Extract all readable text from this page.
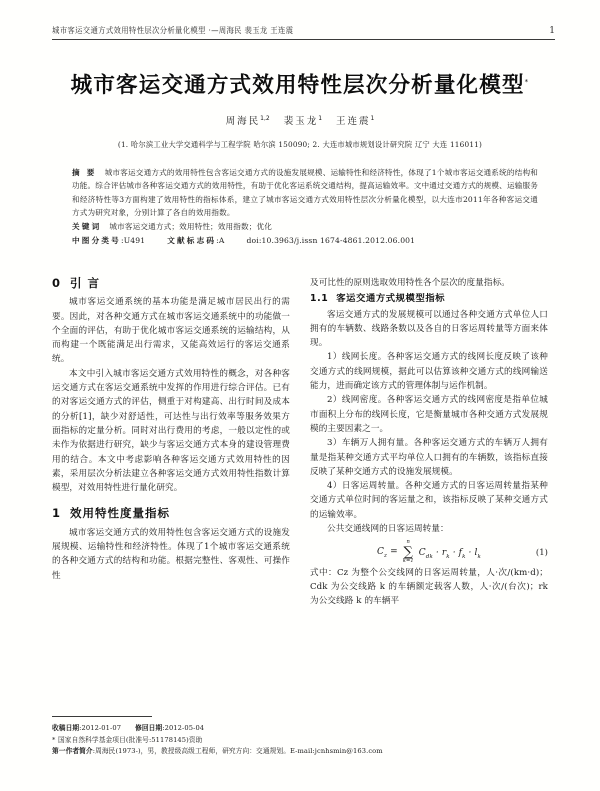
城市客运交通方式效用特性层次分析量化模型 ·—周海民 裴玉龙 王连震	1
城市客运交通方式效用特性层次分析量化模型*
周海民$^{1,2}$ 裴玉龙$^1$ 王连震$^1$
(1. 哈尔滨工业大学交通科学与工程学院 哈尔滨 150090; 2. 大连市城市规划设计研究院 辽宁 大连 116011)
摘 要 城市客运交通方式的效用特性包含客运交通方式的设施发展规模、运输特性和经济特性，体现了1个城市客运交通系统的结构和功能。综合评估城市各种客运交通方式的效用特性，有助于优化客运系统交通结构，提高运输效率。文中通过交通方式的规模、运输服务和经济特性等3方面构建了效用特性的指标体系，建立了城市客运交通方式效用特性层次分析量化模型，以大连市2011年各种客运交通方式为研究对象，分别计算了各自的效用指数。
关键词 城市客运交通方式；效用特性；效用指数；优化
中图分类号:U491	文献标志码:A	doi:10.3963/j.issn 1674-4861.2012.06.001
0 引 言

城市客运交通系统的基本功能是满足城市居民出行的需要。因此，对各种交通方式在城市客运交通系统中的功能做一个全面的评估，有助于优化城市客运交通系统的运输结构，从而构建一个既能满足出行需求，又能高效运行的客运交通系统。

本文中引入城市客运交通方式效用特性的概念，对各种客运交通方式在客运交通系统中发挥的作用进行综合评估。已有的对客运交通方式的评估，侧重于对构建高、出行时间及成本的分析[1]，缺少对舒适性，可达性与出行效率等服务效果方面指标的定量分析。同时对出行费用的考虑，一般以定性的或未作为依据进行研究，缺少与客运交通方式本身的建设管理费用的结合。本文中考虑影响各种客运交通方式效用特性的因素，采用层次分析法建立各种客运交通方式效用特性指数计算模型，对效用特性进行量化研究。

1 效用特性度量指标

城市客运交通方式的效用特性包含客运交通方式的设施发展规模、运输特性和经济特性。体现了1个城市客运交通系统的各种交通方式的结构和功能。根据完整性、客观性、可操作性

及可比性的原则选取效用特性各个层次的度量指标。

1.1 客运交通方式规模型指标

客运交通方式的发展规模可以通过各种交通方式单位人口拥有的车辆数、线路条数以及各自的日客运周转量等方面来体现。

1）线网长度。各种客运交通方式的线网长度反映了该种交通方式的线网规模，据此可以估算该种交通方式的线网输送能力，进而确定该方式的管理体制与运作机制。

2）线网密度。各种客运交通方式的线网密度是指单位城市面积上分布的线网长度，它是衡量城市各种交通方式发展规模的主要因素之一。

3）车辆万人拥有量。各种客运交通方式的车辆万人拥有量是指某种交通方式平均单位人口拥有的车辆数，该指标直接反映了某种交通方式的设施发展规模。

4）日客运周转量。各种交通方式的日客运周转量指某种交通方式单位时间的客运量之和，该指标反映了某种交通方式的运输效率。

公共交通线网的日客运周转量：

$C_z$ =
n
∑
k=1
$C_{dk} \cdot r_k \cdot f_k \cdot l_k$	(1)

式中：Cz 为整个公交线网的日客运周转量，人·次/(km·d)；Cdk 为公交线路 k 的车辆额定载客人数，人·次/(台次)；rk 为公交线路 k 的车辆平

收稿日期:2012-01-07 修回日期:2012-05-04
* 国家自然科学基金项目(批准号:51178145)资助
第一作者简介:周海民(1973-)，男，教授级高级工程师，研究方向：交通规划。E-mail:jcnhsmin@163.com
